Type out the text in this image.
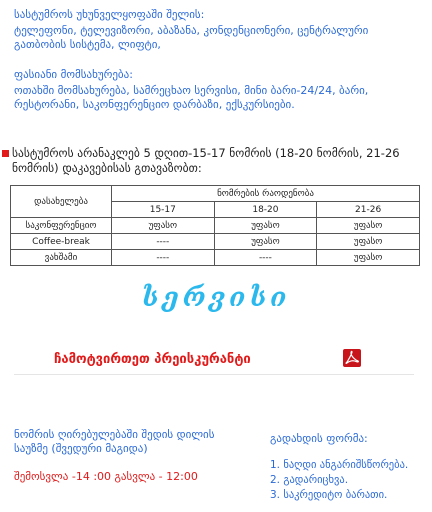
სასტუმროს უხუნველყოფაში შელის:
ტელეფონი, ტელევიზორი, აბაზანა, კონდენციონერი, ცენტრალური გათბობის სისტემა, ლიფტი,
ფასიანი მომსახურება:
ოთახში მომსახურება, სამრეცხაო სერვისი, მინი ბარი-24/24, ბარი, რესტორანი, საკონფერენციო დარბაზი, ექსკურსიები.
სასტუმროს არანაკლებ 5 დღით-15-17 ნომრის (18-20 ნომრის, 21-26 ნომრის) დაკავებისას გთავაზობთ:
დასახელება	ნომრების რაოდენობა		
	15-17	18-20	21-26
საკონფერენციო	უფასო	უფასო	უფასო
Coffee-break	----	უფასო	უფასო
ვახშამი	----	----	უფასო
სერვისი
ჩამოტვირთეთ პრეისკურანტი
ნომრის ღირებულებაში შედის დილის საუზმე (შვედური მაგიდა)
შემოსვლა -14 :00 გასვლა - 12:00
გადახდის ფორმა:
1. ნაღდი ანგარიშსწორება.
2. გადარიცხვა.
3. საკრედიტო ბარათი.
